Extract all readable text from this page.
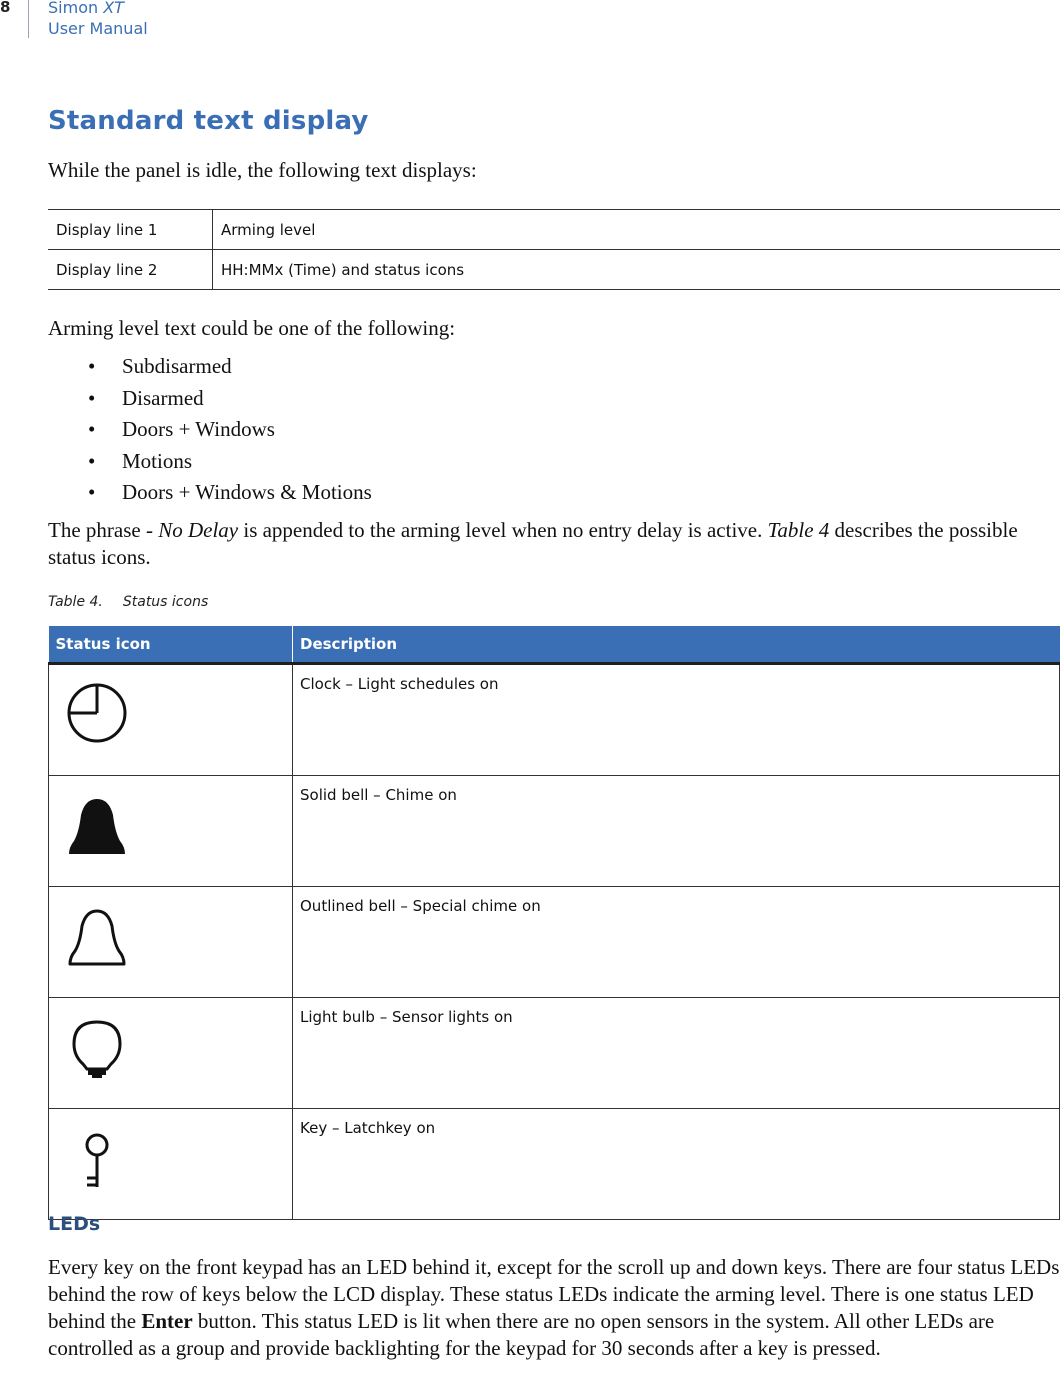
8 Simon XT
User Manual
Standard text display

While the panel is idle, the following text displays:

Display line 1	Arming level
Display line 2	HH:MMx (Time) and status icons

Arming level text could be one of the following:

• Subdisarmed
• Disarmed
• Doors + Windows
• Motions
• Doors + Windows & Motions

The phrase - No Delay is appended to the arming level when no entry delay is active. Table 4 describes the possible status icons.

Table 4. Status icons
Status icon	Description

	Clock – Light schedules on

	Solid bell – Chime on

	Outlined bell – Special chime on

	Light bulb – Sensor lights on

	Key – Latchkey on
LEDs

Every key on the front keypad has an LED behind it, except for the scroll up and down keys. There are four status LEDs behind the row of keys below the LCD display. These status LEDs indicate the arming level. There is one status LED behind the Enter button. This status LED is lit when there are no open sensors in the system. All other LEDs are controlled as a group and provide backlighting for the keypad for 30 seconds after a key is pressed.
